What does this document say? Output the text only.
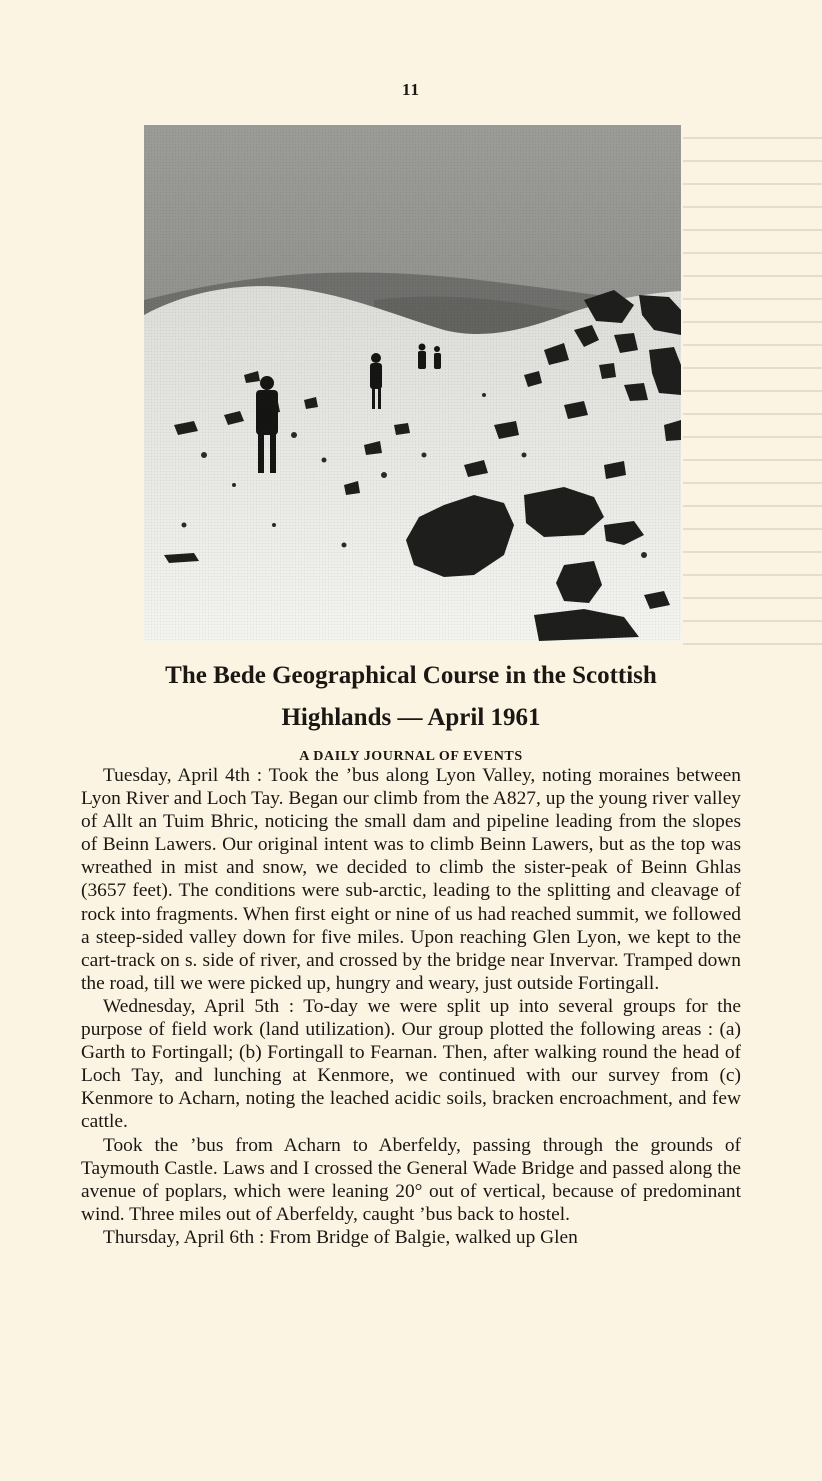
11
The Bede Geographical Course in the Scottish
Highlands — April 1961
A DAILY JOURNAL OF EVENTS

Tuesday, April 4th : Took the ’bus along Lyon Valley, noting moraines between Lyon River and Loch Tay. Began our climb from the A827, up the young river valley of Allt an Tuim Bhric, noticing the small dam and pipeline leading from the slopes of Beinn Lawers. Our original intent was to climb Beinn Lawers, but as the top was wreathed in mist and snow, we decided to climb the sister-peak of Beinn Ghlas (3657 feet). The conditions were sub-arctic, leading to the splitting and cleavage of rock into fragments. When first eight or nine of us had reached summit, we followed a steep-sided valley down for five miles. Upon reaching Glen Lyon, we kept to the cart-track on s. side of river, and crossed by the bridge near Invervar. Tramped down the road, till we were picked up, hungry and weary, just outside Fortingall.

Wednesday, April 5th : To-day we were split up into several groups for the purpose of field work (land utilization). Our group plotted the following areas : (a) Garth to Fortingall; (b) Fortingall to Fearnan. Then, after walking round the head of Loch Tay, and lunching at Kenmore, we continued with our survey from (c) Kenmore to Acharn, noting the leached acidic soils, bracken encroachment, and few cattle.

Took the ’bus from Acharn to Aberfeldy, passing through the grounds of Taymouth Castle. Laws and I crossed the General Wade Bridge and passed along the avenue of poplars, which were leaning 20° out of vertical, because of predominant wind. Three miles out of Aberfeldy, caught ’bus back to hostel.

Thursday, April 6th : From Bridge of Balgie, walked up Glen
